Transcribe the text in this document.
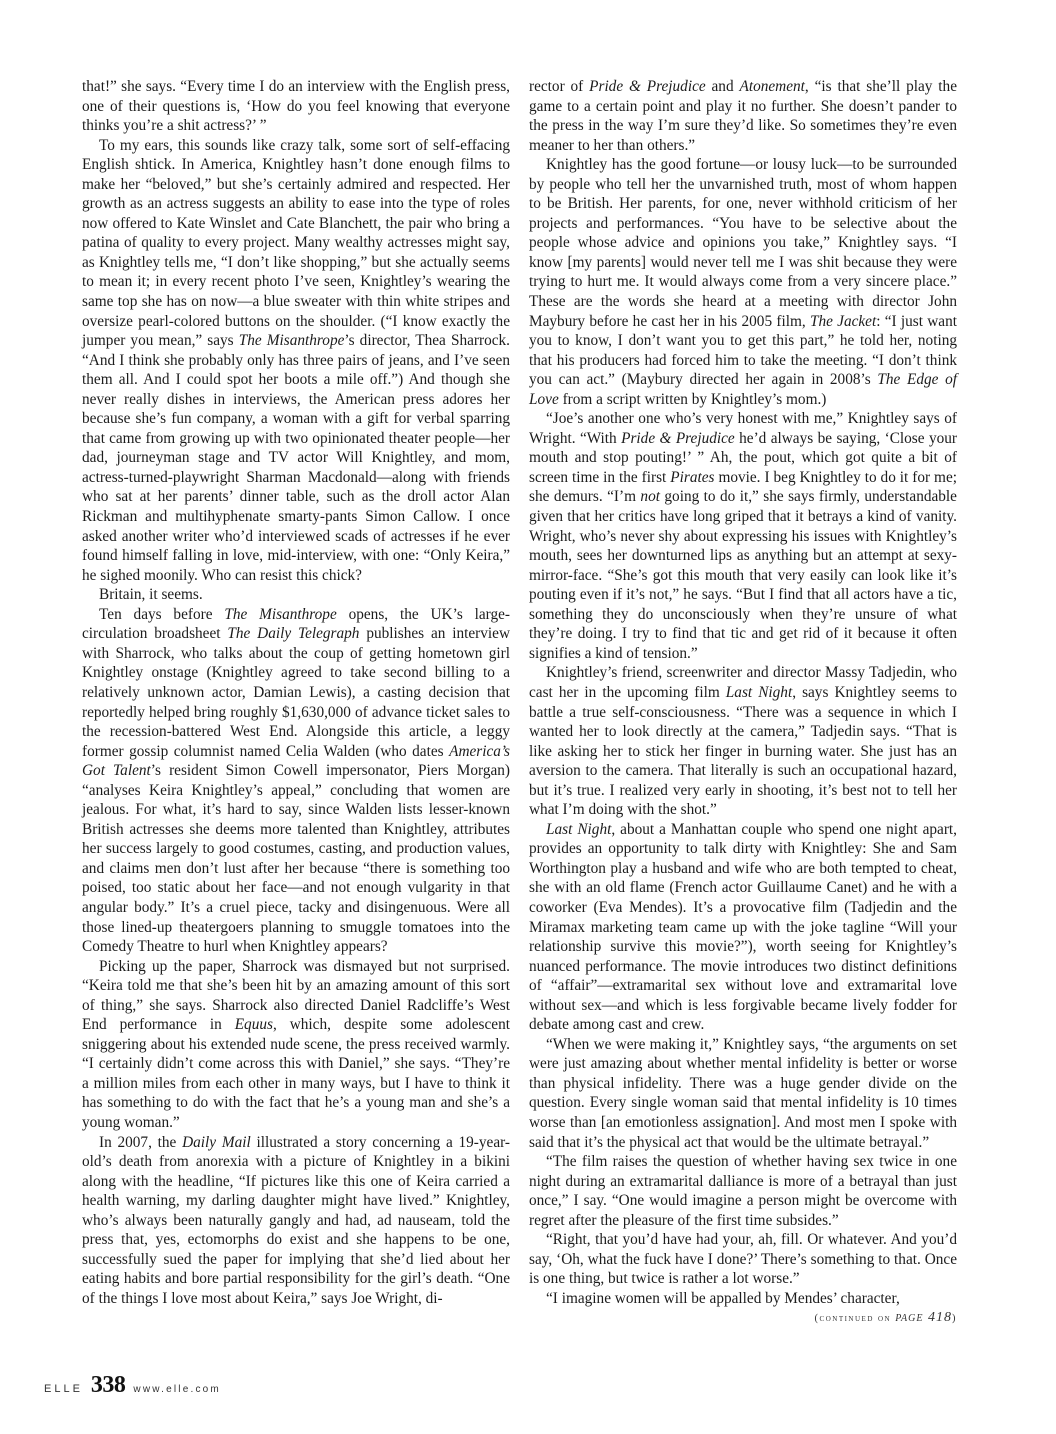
that!” she says. “Every time I do an interview with the English press, one of their questions is, ‘How do you feel knowing that everyone thinks you’re a shit actress?’ ”

To my ears, this sounds like crazy talk, some sort of self-effacing English shtick. In America, Knightley hasn’t done enough films to make her “beloved,” but she’s certainly admired and respected. Her growth as an actress suggests an ability to ease into the type of roles now offered to Kate Winslet and Cate Blanchett, the pair who bring a patina of quality to every project. Many wealthy actresses might say, as Knightley tells me, “I don’t like shopping,” but she actually seems to mean it; in every recent photo I’ve seen, Knightley’s wearing the same top she has on now—a blue sweater with thin white stripes and oversize pearl-colored buttons on the shoulder. (“I know exactly the jumper you mean,” says The Misanthrope’s director, Thea Sharrock. “And I think she probably only has three pairs of jeans, and I’ve seen them all. And I could spot her boots a mile off.”) And though she never really dishes in interviews, the American press adores her because she’s fun company, a woman with a gift for verbal sparring that came from growing up with two opinionated theater people—her dad, journeyman stage and TV actor Will Knightley, and mom, actress-turned-playwright Sharman Macdonald—along with friends who sat at her parents’ dinner table, such as the droll actor Alan Rickman and multihyphenate smarty-pants Simon Callow. I once asked another writer who’d interviewed scads of actresses if he ever found himself falling in love, mid-interview, with one: “Only Keira,” he sighed moonily. Who can resist this chick?

Britain, it seems.

Ten days before The Misanthrope opens, the UK’s large-circulation broadsheet The Daily Telegraph publishes an interview with Sharrock, who talks about the coup of getting hometown girl Knightley onstage (Knightley agreed to take second billing to a relatively unknown actor, Damian Lewis), a casting decision that reportedly helped bring roughly $1,630,000 of advance ticket sales to the recession-battered West End. Alongside this article, a leggy former gossip columnist named Celia Walden (who dates America’s Got Talent’s resident Simon Cowell impersonator, Piers Morgan) “analyses Keira Knightley’s appeal,” concluding that women are jealous. For what, it’s hard to say, since Walden lists lesser-known British actresses she deems more talented than Knightley, attributes her success largely to good costumes, casting, and production values, and claims men don’t lust after her because “there is something too poised, too static about her face—and not enough vulgarity in that angular body.” It’s a cruel piece, tacky and disingenuous. Were all those lined-up theatergoers planning to smuggle tomatoes into the Comedy Theatre to hurl when Knightley appears?

Picking up the paper, Sharrock was dismayed but not surprised. “Keira told me that she’s been hit by an amazing amount of this sort of thing,” she says. Sharrock also directed Daniel Radcliffe’s West End performance in Equus, which, despite some adolescent sniggering about his extended nude scene, the press received warmly. “I certainly didn’t come across this with Daniel,” she says. “They’re a million miles from each other in many ways, but I have to think it has something to do with the fact that he’s a young man and she’s a young woman.”

In 2007, the Daily Mail illustrated a story concerning a 19-year-old’s death from anorexia with a picture of Knightley in a bikini along with the headline, “If pictures like this one of Keira carried a health warning, my darling daughter might have lived.” Knightley, who’s always been naturally gangly and had, ad nauseam, told the press that, yes, ectomorphs do exist and she happens to be one, successfully sued the paper for implying that she’d lied about her eating habits and bore partial responsibility for the girl’s death. “One of the things I love most about Keira,” says Joe Wright, di-

rector of Pride & Prejudice and Atonement, “is that she’ll play the game to a certain point and play it no further. She doesn’t pander to the press in the way I’m sure they’d like. So sometimes they’re even meaner to her than others.”

Knightley has the good fortune—or lousy luck—to be surrounded by people who tell her the unvarnished truth, most of whom happen to be British. Her parents, for one, never withhold criticism of her projects and performances. “You have to be selective about the people whose advice and opinions you take,” Knightley says. “I know [my parents] would never tell me I was shit because they were trying to hurt me. It would always come from a very sincere place.” These are the words she heard at a meeting with director John Maybury before he cast her in his 2005 film, The Jacket: “I just want you to know, I don’t want you to get this part,” he told her, noting that his producers had forced him to take the meeting. “I don’t think you can act.” (Maybury directed her again in 2008’s The Edge of Love from a script written by Knightley’s mom.)

“Joe’s another one who’s very honest with me,” Knightley says of Wright. “With Pride & Prejudice he’d always be saying, ‘Close your mouth and stop pouting!’ ” Ah, the pout, which got quite a bit of screen time in the first Pirates movie. I beg Knightley to do it for me; she demurs. “I’m not going to do it,” she says firmly, understandable given that her critics have long griped that it betrays a kind of vanity. Wright, who’s never shy about expressing his issues with Knightley’s mouth, sees her downturned lips as anything but an attempt at sexy-mirror-face. “She’s got this mouth that very easily can look like it’s pouting even if it’s not,” he says. “But I find that all actors have a tic, something they do unconsciously when they’re unsure of what they’re doing. I try to find that tic and get rid of it because it often signifies a kind of tension.”

Knightley’s friend, screenwriter and director Massy Tadjedin, who cast her in the upcoming film Last Night, says Knightley seems to battle a true self-consciousness. “There was a sequence in which I wanted her to look directly at the camera,” Tadjedin says. “That is like asking her to stick her finger in burning water. She just has an aversion to the camera. That literally is such an occupational hazard, but it’s true. I realized very early in shooting, it’s best not to tell her what I’m doing with the shot.”

Last Night, about a Manhattan couple who spend one night apart, provides an opportunity to talk dirty with Knightley: She and Sam Worthington play a husband and wife who are both tempted to cheat, she with an old flame (French actor Guillaume Canet) and he with a coworker (Eva Mendes). It’s a provocative film (Tadjedin and the Miramax marketing team came up with the joke tagline “Will your relationship survive this movie?”), worth seeing for Knightley’s nuanced performance. The movie introduces two distinct definitions of “affair”—extramarital sex without love and extramarital love without sex—and which is less forgivable became lively fodder for debate among cast and crew.

“When we were making it,” Knightley says, “the arguments on set were just amazing about whether mental infidelity is better or worse than physical infidelity. There was a huge gender divide on the question. Every single woman said that mental infidelity is 10 times worse than [an emotionless assignation]. And most men I spoke with said that it’s the physical act that would be the ultimate betrayal.”

“The film raises the question of whether having sex twice in one night during an extramarital dalliance is more of a betrayal than just once,” I say. “One would imagine a person might be overcome with regret after the pleasure of the first time subsides.”

“Right, that you’d have had your, ah, fill. Or whatever. And you’d say, ‘Oh, what the fuck have I done?’ There’s something to that. Once is one thing, but twice is rather a lot worse.”

“I imagine women will be appalled by Mendes’ character,

(continued on page 418)
ELLE 338 www.elle.com
